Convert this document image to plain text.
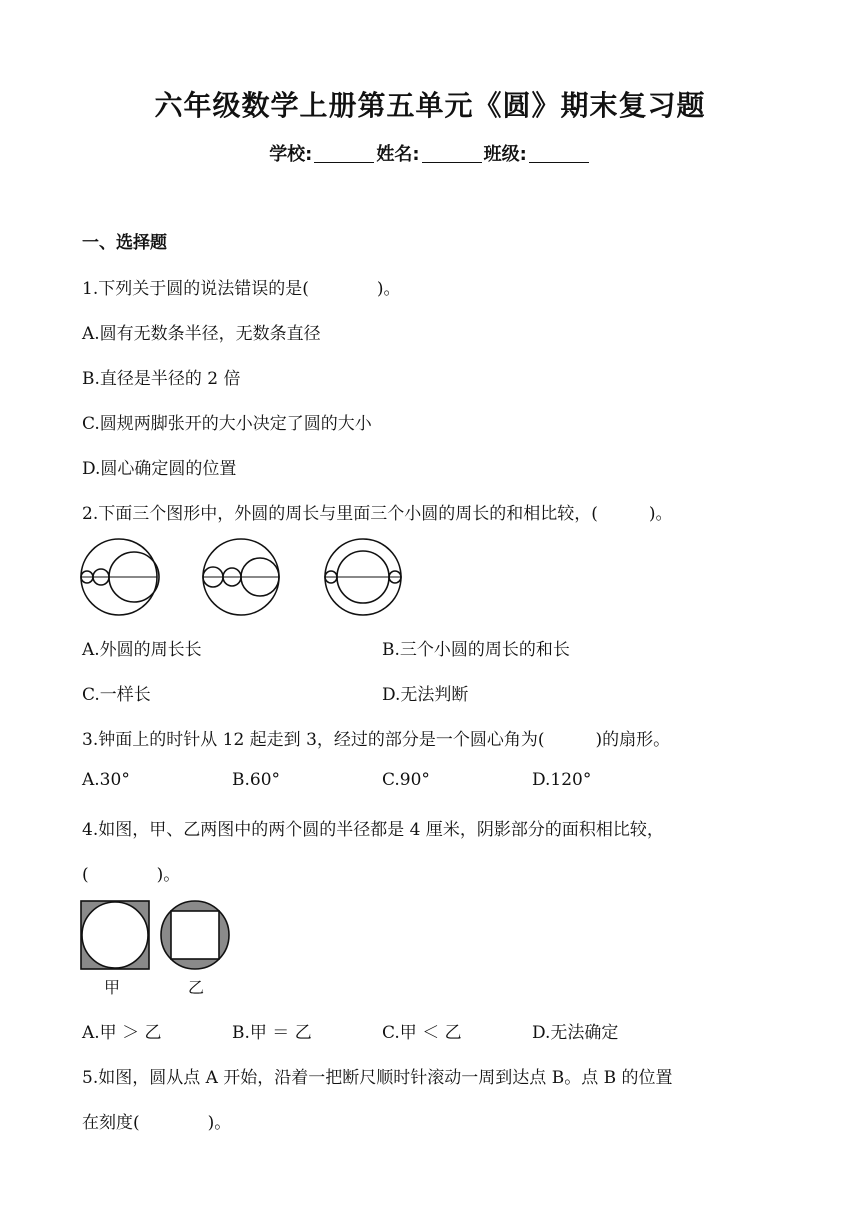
六年级数学上册第五单元《圆》期末复习题
学校:	姓名:	班级:
一、选择题
1.下列关于圆的说法错误的是(　　　　)。
A.圆有无数条半径，无数条直径
B.直径是半径的 2 倍
C.圆规两脚张开的大小决定了圆的大小
D.圆心确定圆的位置
2.下面三个图形中，外圆的周长与里面三个小圆的周长的和相比较，(　　　)。
A.外圆的周长长	B.三个小圆的周长的和长
C.一样长	D.无法判断
3.钟面上的时针从 12 起走到 3，经过的部分是一个圆心角为(　　　)的扇形。
A.30°	B.60°	C.90°	D.120°
4.如图，甲、乙两图中的两个圆的半径都是 4 厘米，阴影部分的面积相比较，
(　　　　)。
甲	乙
A.甲 ＞ 乙	B.甲 ＝ 乙	C.甲 ＜ 乙	D.无法确定
5.如图，圆从点 A 开始，沿着一把断尺顺时针滚动一周到达点 B。点 B 的位置
在刻度(　　　　)。
